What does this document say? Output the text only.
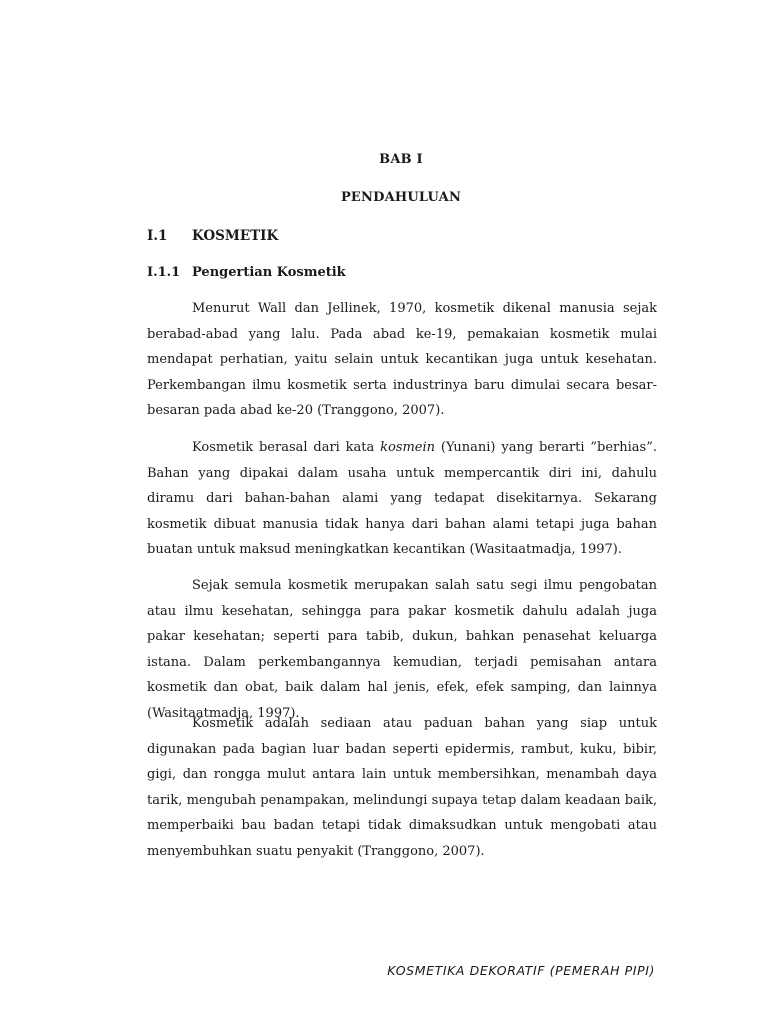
BAB I
PENDAHULUAN
I.1 KOSMETIK
I.1.1 Pengertian Kosmetik

Menurut Wall dan Jellinek, 1970, kosmetik dikenal manusia sejak berabad-abad yang lalu. Pada abad ke-19, pemakaian kosmetik mulai mendapat perhatian, yaitu selain untuk kecantikan juga untuk kesehatan. Perkembangan ilmu kosmetik serta industrinya baru dimulai secara besar-besaran pada abad ke-20 (Tranggono, 2007).

Kosmetik berasal dari kata kosmein (Yunani) yang berarti ”berhias”. Bahan yang dipakai dalam usaha untuk mempercantik diri ini, dahulu diramu dari bahan-bahan alami yang tedapat disekitarnya. Sekarang kosmetik dibuat manusia tidak hanya dari bahan alami tetapi juga bahan buatan untuk maksud meningkatkan kecantikan (Wasitaatmadja, 1997).

Sejak semula kosmetik merupakan salah satu segi ilmu pengobatan atau ilmu kesehatan, sehingga para pakar kosmetik dahulu adalah juga pakar kesehatan; seperti para tabib, dukun, bahkan penasehat keluarga istana. Dalam perkembangannya kemudian, terjadi pemisahan antara kosmetik dan obat, baik dalam hal jenis, efek, efek samping, dan lainnya (Wasitaatmadja, 1997).

Kosmetik adalah sediaan atau paduan bahan yang siap untuk digunakan pada bagian luar badan seperti epidermis, rambut, kuku, bibir, gigi, dan rongga mulut antara lain untuk membersihkan, menambah daya tarik, mengubah penampakan, melindungi supaya tetap dalam keadaan baik, memperbaiki bau badan tetapi tidak dimaksudkan untuk mengobati atau menyembuhkan suatu penyakit (Tranggono, 2007).

KOSMETIKA DEKORATIF (PEMERAH PIPI)
